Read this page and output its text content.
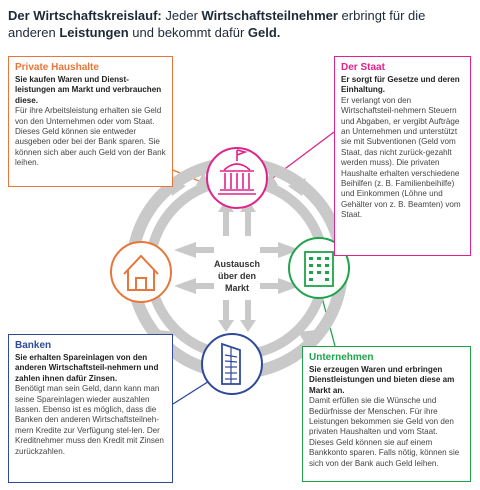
Der Wirtschaftskreislauf: Jeder Wirtschaftsteilnehmer erbringt für die anderen Leistungen und bekommt dafür Geld.
Austausch
über den
Markt
Private Haushalte
Sie kaufen Waren und Dienst-leistungen am Markt und verbrauchen diese.
Für ihre Arbeitsleistung erhalten sie Geld von den Unternehmen oder vom Staat. Dieses Geld können sie entweder ausgeben oder bei der Bank sparen. Sie können sich aber auch Geld von der Bank leihen.
Der Staat
Er sorgt für Gesetze und deren Einhaltung.
Er verlangt von den Wirtschaftsteil-nehmern Steuern und Abgaben, er vergibt Aufträge an Unternehmen und unterstützt sie mit Subventionen (Geld vom Staat, das nicht zurück-gezahlt werden muss). Die privaten Haushalte erhalten verschiedene Beihilfen (z. B. Familienbeihilfe) und Einkommen (Löhne und Gehälter von z. B. Beamten) vom Staat.
Banken
Sie erhalten Spareinlagen von den anderen Wirtschaftsteil-nehmern und zahlen ihnen dafür Zinsen.
Benötigt man sein Geld, dann kann man seine Spareinlagen wieder auszahlen lassen. Ebenso ist es möglich, dass die Banken den anderen Wirtschaftsteilneh-mern Kredite zur Verfügung stel-len. Der Kreditnehmer muss den Kredit mit Zinsen zurückzahlen.
Unternehmen
Sie erzeugen Waren und erbringen Dienstleistungen und bieten diese am Markt an.
Damit erfüllen sie die Wünsche und Bedürfnisse der Menschen. Für ihre Leistungen bekommen sie Geld von den privaten Haushalten und vom Staat. Dieses Geld können sie auf einem Bankkonto sparen. Falls nötig, können sie sich von der Bank auch Geld leihen.
